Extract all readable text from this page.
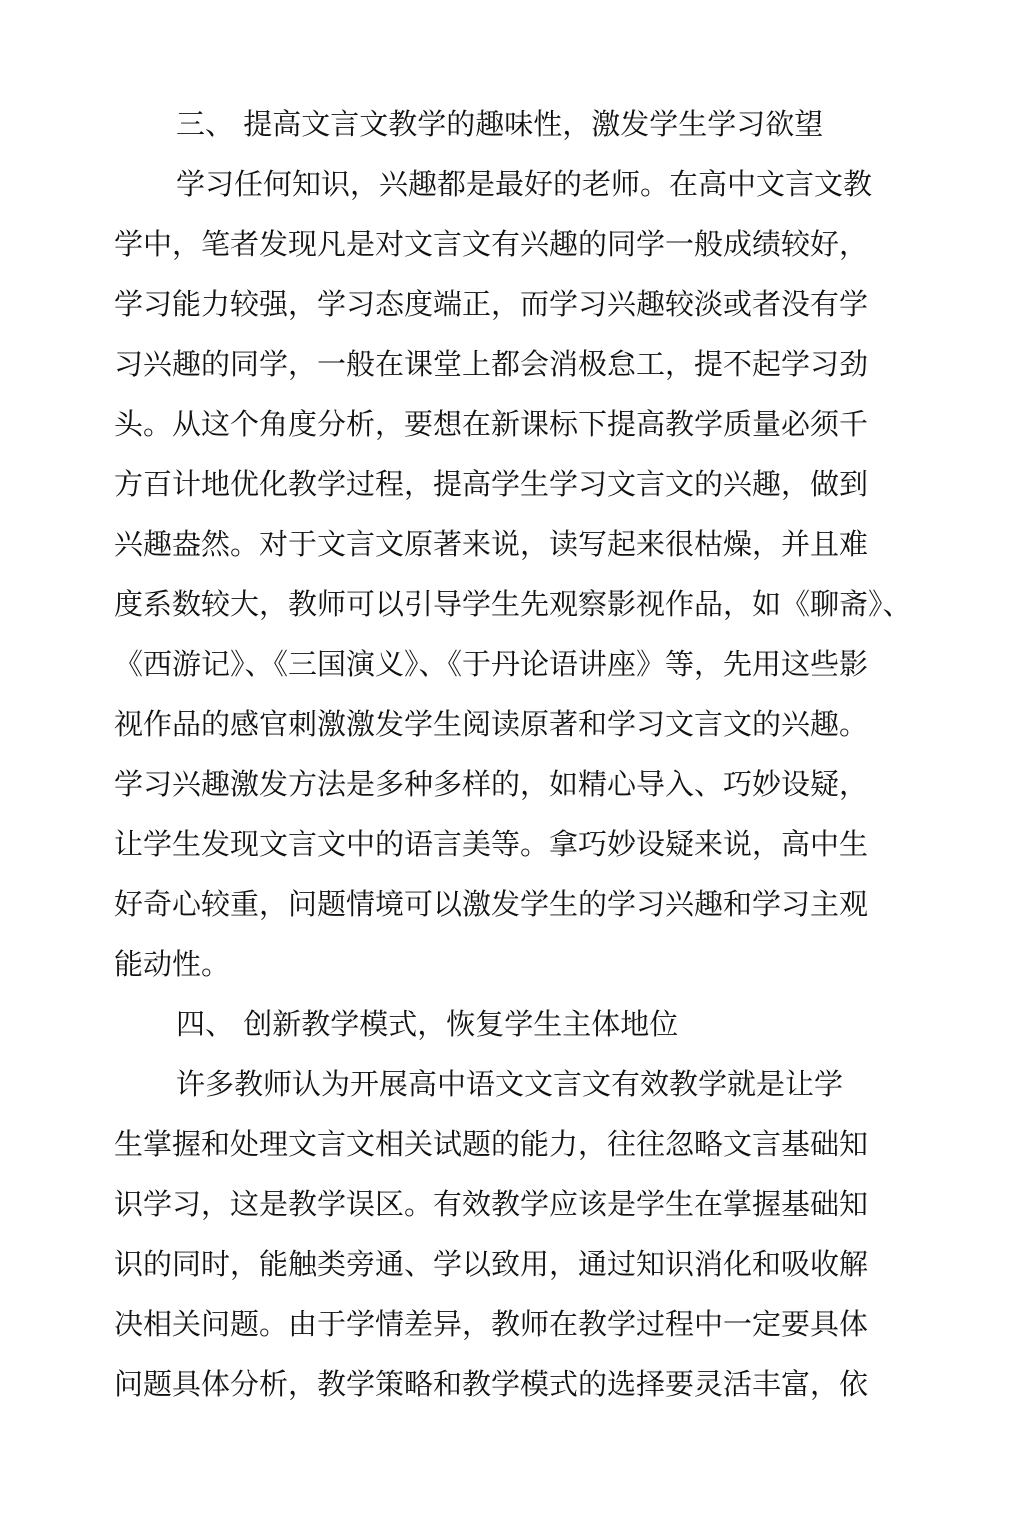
三、 提高文言文教学的趣味性，激发学生学习欲望
学习任何知识，兴趣都是最好的老师。在高中文言文教
学中，笔者发现凡是对文言文有兴趣的同学一般成绩较好，
学习能力较强，学习态度端正，而学习兴趣较淡或者没有学
习兴趣的同学，一般在课堂上都会消极怠工，提不起学习劲
头。从这个角度分析，要想在新课标下提高教学质量必须千
方百计地优化教学过程，提高学生学习文言文的兴趣，做到
兴趣盎然。对于文言文原著来说，读写起来很枯燥，并且难
度系数较大，教师可以引导学生先观察影视作品，如《聊斋》、
《西游记》、《三国演义》、《于丹论语讲座》等，先用这些影
视作品的感官刺激激发学生阅读原著和学习文言文的兴趣。
学习兴趣激发方法是多种多样的，如精心导入、巧妙设疑，
让学生发现文言文中的语言美等。拿巧妙设疑来说，高中生
好奇心较重，问题情境可以激发学生的学习兴趣和学习主观
能动性。
四、 创新教学模式，恢复学生主体地位
许多教师认为开展高中语文文言文有效教学就是让学
生掌握和处理文言文相关试题的能力，往往忽略文言基础知
识学习，这是教学误区。有效教学应该是学生在掌握基础知
识的同时，能触类旁通、学以致用，通过知识消化和吸收解
决相关问题。由于学情差异，教师在教学过程中一定要具体
问题具体分析，教学策略和教学模式的选择要灵活丰富，依
